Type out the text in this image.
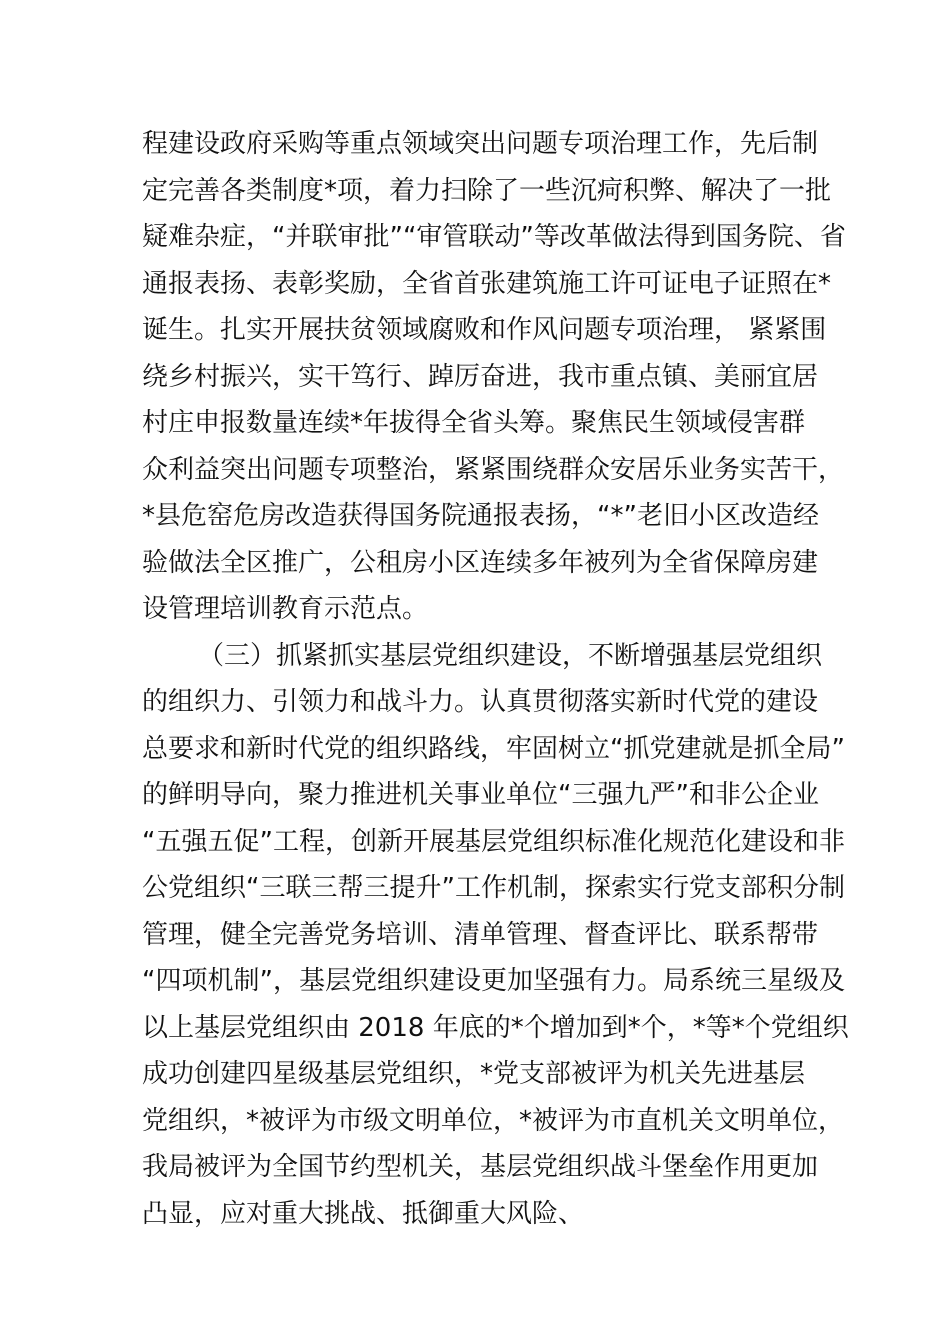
程建设政府采购等重点领域突出问题专项治理工作，先后制
定完善各类制度*项，着力扫除了一些沉疴积弊、解决了一批
疑难杂症，“并联审批”“审管联动”等改革做法得到国务院、省
通报表扬、表彰奖励，全省首张建筑施工许可证电子证照在*
诞生。扎实开展扶贫领域腐败和作风问题专项治理， 紧紧围
绕乡村振兴，实干笃行、踔厉奋进，我市重点镇、美丽宜居
村庄申报数量连续*年拔得全省头筹。聚焦民生领域侵害群
众利益突出问题专项整治，紧紧围绕群众安居乐业务实苦干，
*县危窑危房改造获得国务院通报表扬，“*”老旧小区改造经
验做法全区推广，公租房小区连续多年被列为全省保障房建
设管理培训教育示范点。
（三）抓紧抓实基层党组织建设，不断增强基层党组织
的组织力、引领力和战斗力。认真贯彻落实新时代党的建设
总要求和新时代党的组织路线，牢固树立“抓党建就是抓全局”
的鲜明导向，聚力推进机关事业单位“三强九严”和非公企业
“五强五促”工程，创新开展基层党组织标准化规范化建设和非
公党组织“三联三帮三提升”工作机制，探索实行党支部积分制
管理，健全完善党务培训、清单管理、督查评比、联系帮带
“四项机制”，基层党组织建设更加坚强有力。局系统三星级及
以上基层党组织由 2018 年底的*个增加到*个，*等*个党组织
成功创建四星级基层党组织，*党支部被评为机关先进基层
党组织，*被评为市级文明单位，*被评为市直机关文明单位，
我局被评为全国节约型机关，基层党组织战斗堡垒作用更加
凸显，应对重大挑战、抵御重大风险、
